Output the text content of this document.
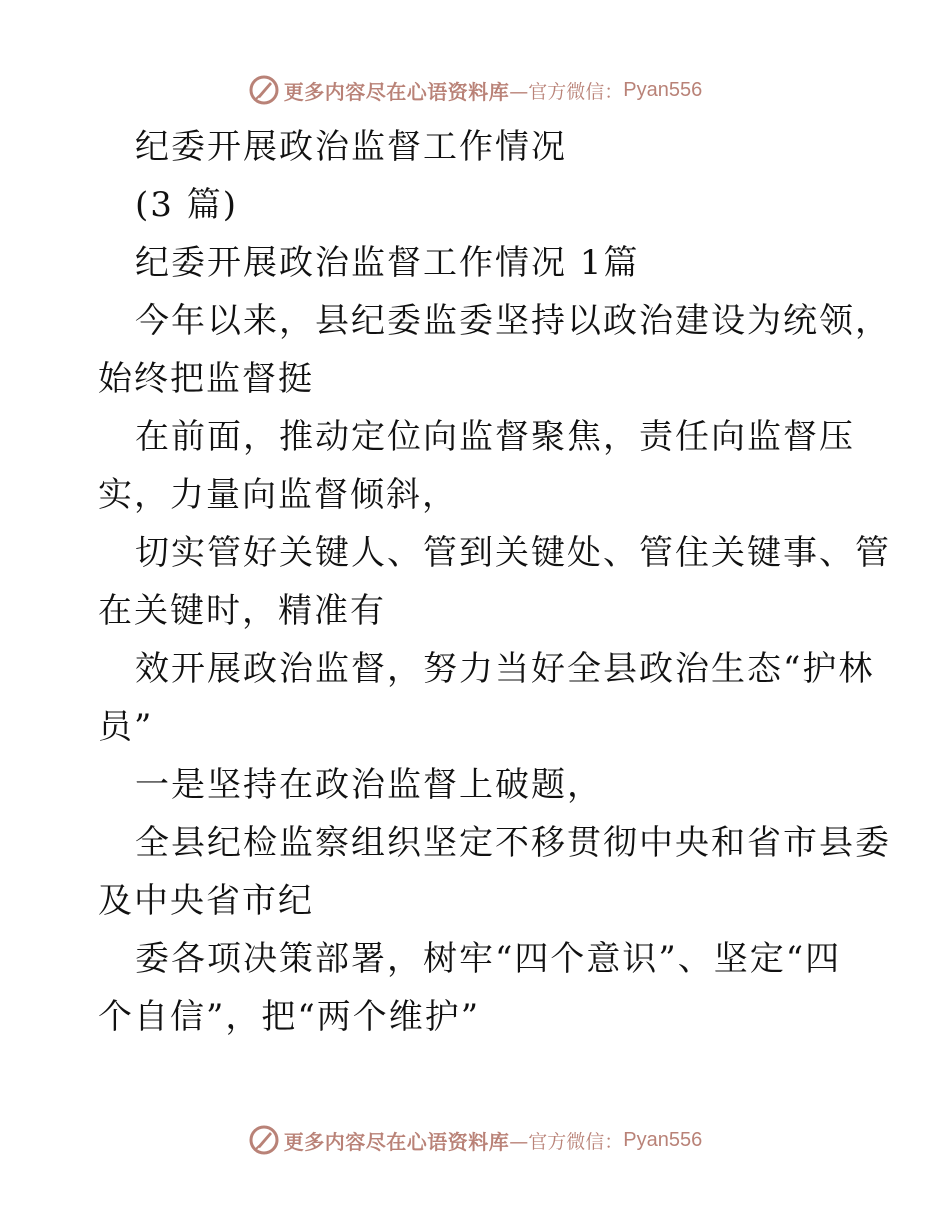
更多内容尽在心语资料库 —官方微信： Pyan556
纪委开展政治监督工作情况
(3 篇)
纪委开展政治监督工作情况 1篇
今年以来，县纪委监委坚持以政治建设为统领，
始终把监督挺
在前面，推动定位向监督聚焦，责任向监督压
实，力量向监督倾斜，
切实管好关键人、管到关键处、管住关键事、管
在关键时，精准有
效开展政治监督，努力当好全县政治生态“护林
员”
一是坚持在政治监督上破题，
全县纪检监察组织坚定不移贯彻中央和省市县委
及中央省市纪
委各项决策部署，树牢“四个意识”、坚定“四
个自信”，把“两个维护”
更多内容尽在心语资料库 —官方微信： Pyan556
